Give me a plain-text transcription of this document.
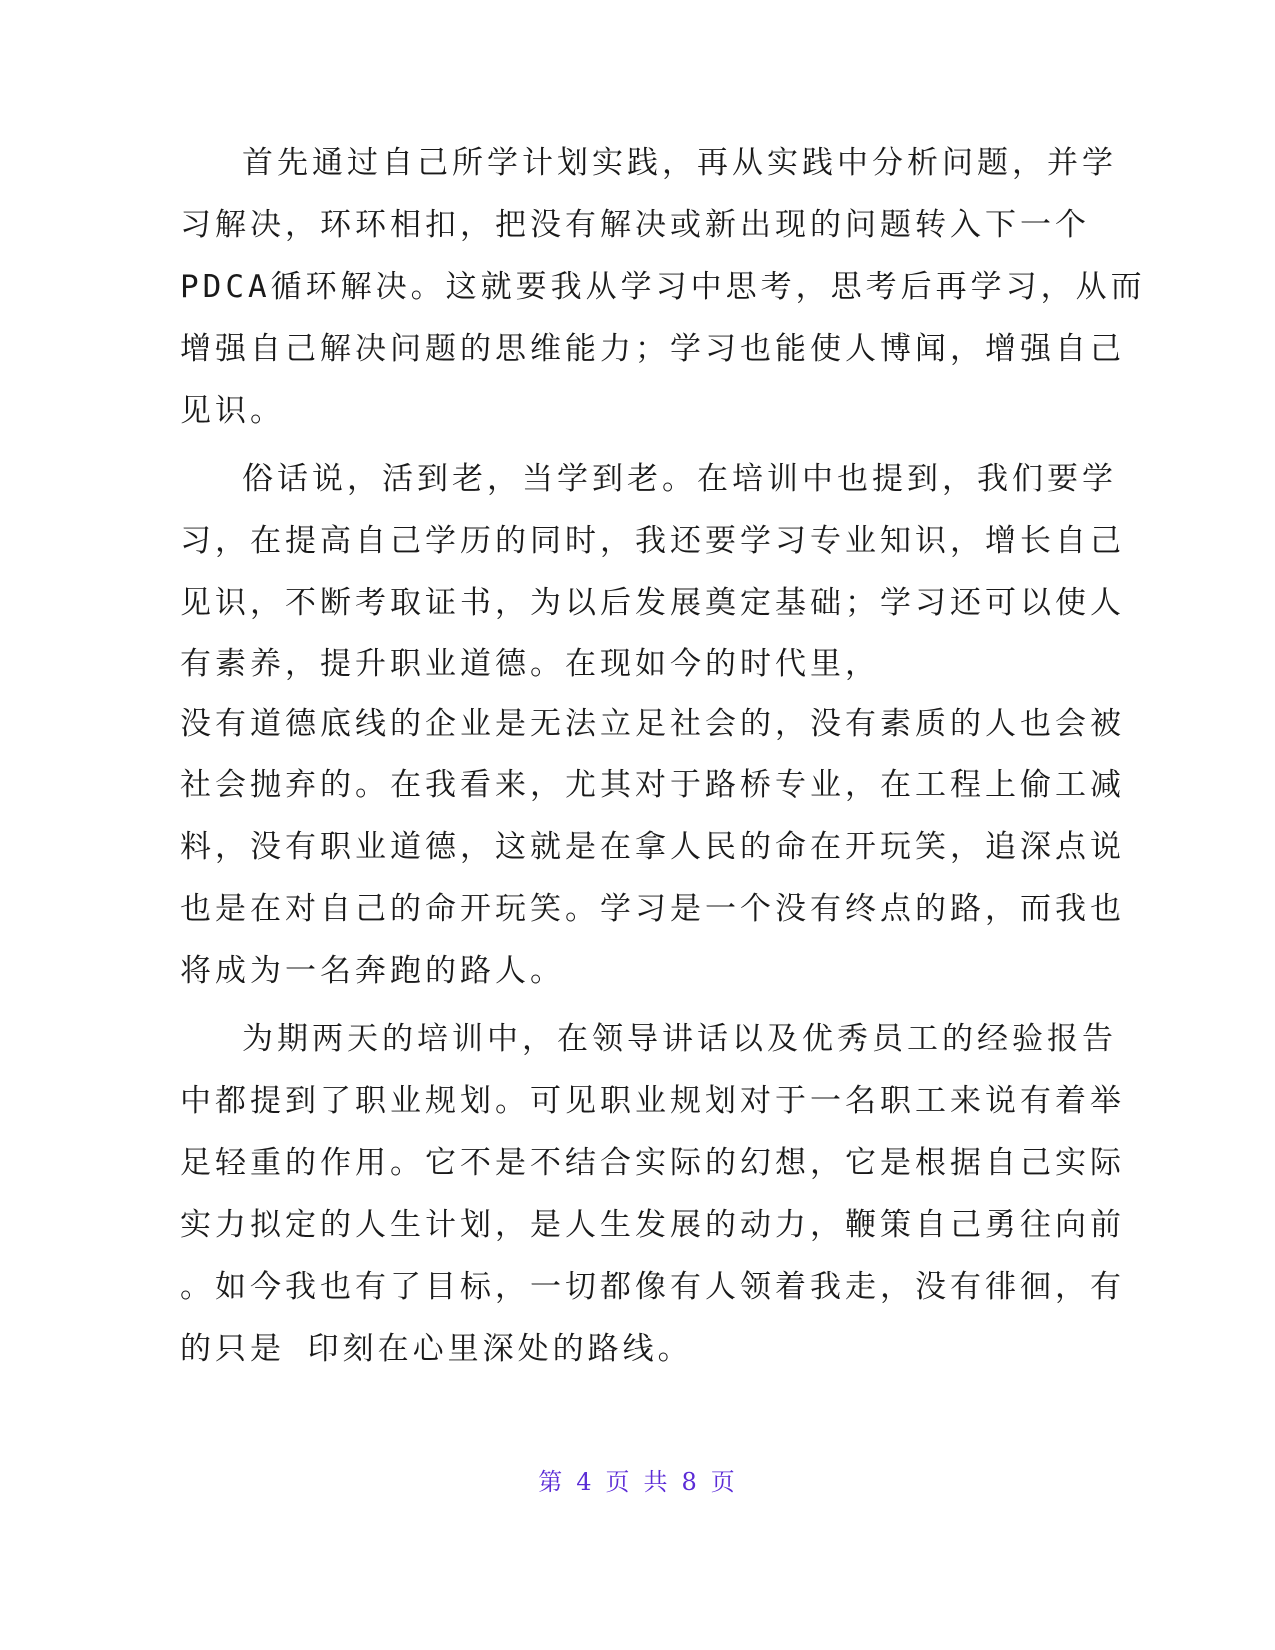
首先通过自己所学计划实践，再从实践中分析问题，并学
习解决，环环相扣，把没有解决或新出现的问题转入下一个
PDCA循环解决。这就要我从学习中思考，思考后再学习，从而
增强自己解决问题的思维能力；学习也能使人博闻，增强自己
见识。
俗话说，活到老，当学到老。在培训中也提到，我们要学
习，在提高自己学历的同时，我还要学习专业知识，增长自己
见识，不断考取证书，为以后发展奠定基础；学习还可以使人
有素养，提升职业道德。在现如今的时代里，
没有道德底线的企业是无法立足社会的，没有素质的人也会被
社会抛弃的。在我看来，尤其对于路桥专业，在工程上偷工减
料，没有职业道德，这就是在拿人民的命在开玩笑，追深点说
也是在对自己的命开玩笑。学习是一个没有终点的路，而我也
将成为一名奔跑的路人。
为期两天的培训中，在领导讲话以及优秀员工的经验报告
中都提到了职业规划。可见职业规划对于一名职工来说有着举
足轻重的作用。它不是不结合实际的幻想，它是根据自己实际
实力拟定的人生计划，是人生发展的动力，鞭策自己勇往向前
。如今我也有了目标，一切都像有人领着我走，没有徘徊，有
的只是 印刻在心里深处的路线。
第 4 页 共 8 页
